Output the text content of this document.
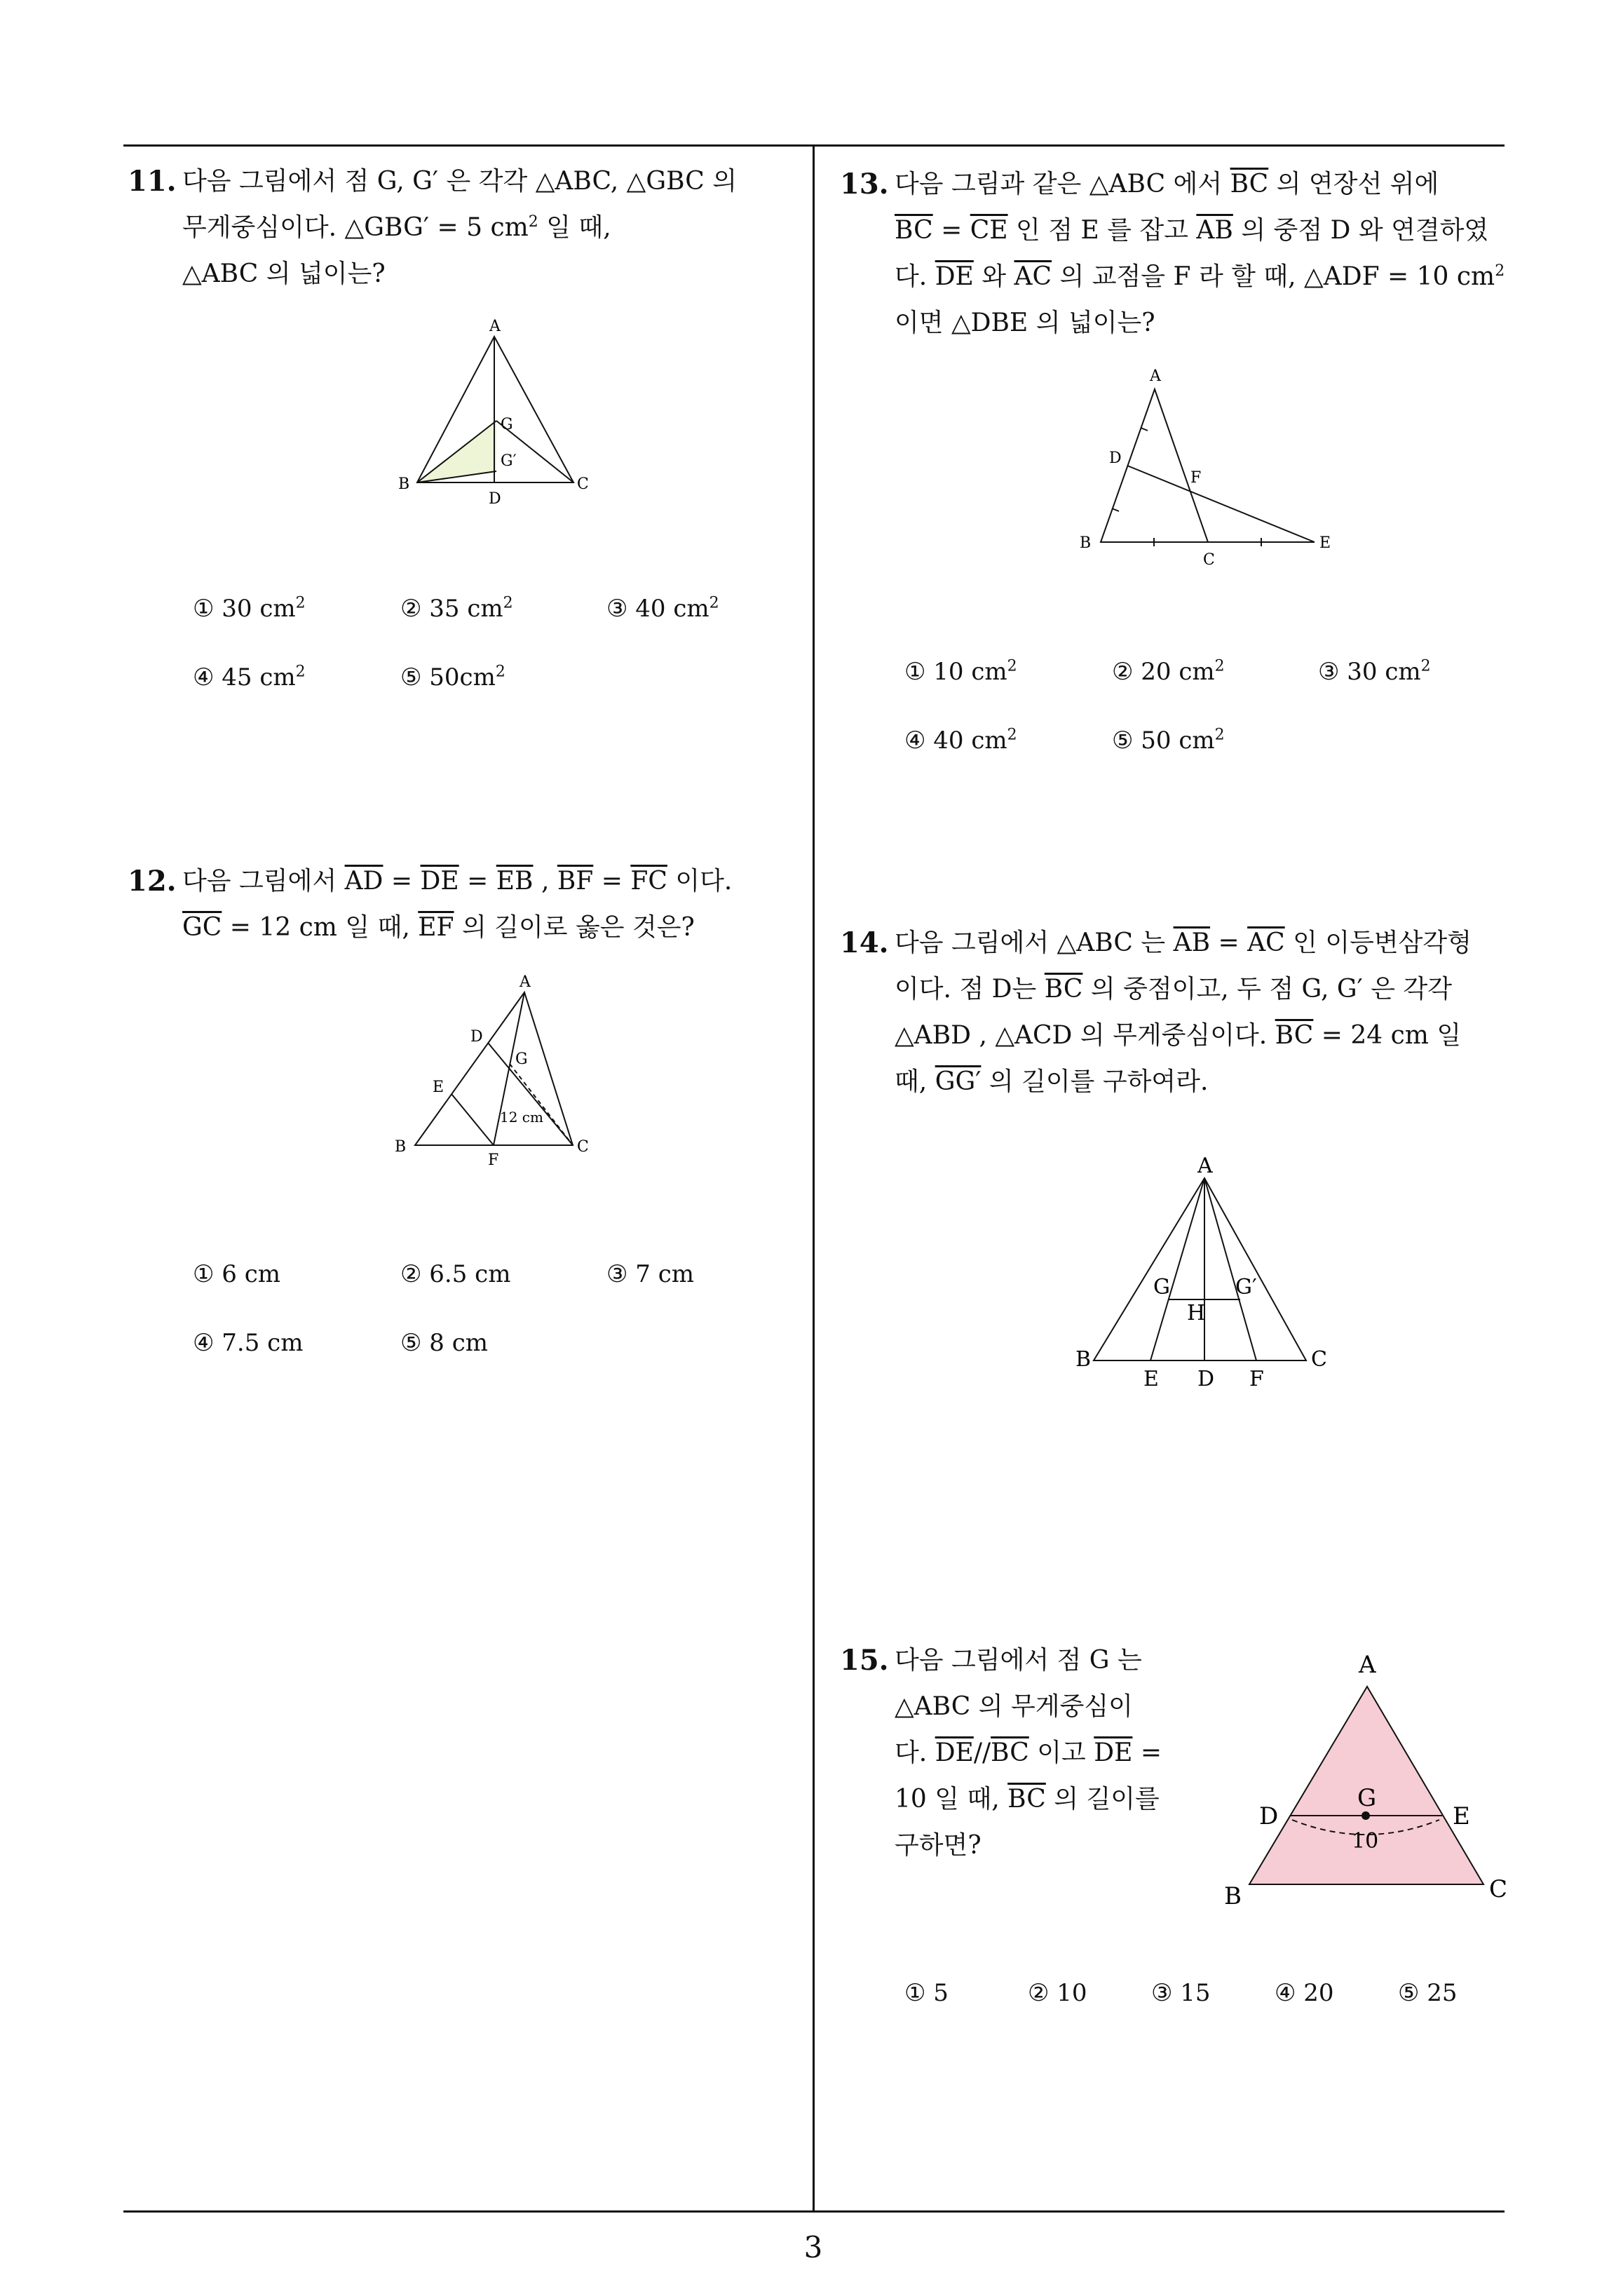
3
11. 다음 그림에서 점 G, G′ 은 각각 △ABC, △GBC 의

무게중심이다. △GBG′ = 5 $cm^2$ 일 때,

△ABC 의 넓이는?

A
B	C
D
G
G′
① 30 $cm^2$	② 35 $cm^2$	③ 40 $cm^2$
④ 45 $cm^2$	⑤ $50cm^2$
12. 다음 그림에서 $\overline{AD} = \overline{DE} = \overline{EB}$ , $\overline{BF} = \overline{FC}$ 이다.

$\overline{GC} = 12$ cm 일 때, $\overline{EF}$ 의 길이로 옳은 것은?

A
B	C
D
E
F
G
12 cm
① 6 cm	② 6.5 cm	③ 7 cm
④ 7.5 cm	⑤ 8 cm
13. 다음 그림과 같은 △ABC 에서 $\overline{BC}$ 의 연장선 위에

$\overline{BC} = \overline{CE}$ 인 점 E 를 잡고 $\overline{AB}$ 의 중점 D 와 연결하였

다. $\overline{DE}$ 와 $\overline{AC}$ 의 교점을 F 라 할 때, △ADF = 10 $cm^2$

이면 △DBE 의 넓이는?

A
B
C
D
E
F
① 10 $cm^2$	② 20 $cm^2$	③ 30 $cm^2$
④ 40 $cm^2$	⑤ 50 $cm^2$
14. 다음 그림에서 △ABC 는 $\overline{AB} = \overline{AC}$ 인 이등변삼각형

이다. 점 D는 $\overline{BC}$ 의 중점이고, 두 점 G, G′ 은 각각

△ABD , △ACD 의 무게중심이다. $\overline{BC} = 24$ cm 일

때, GG′ 의 길이를 구하여라.

A
B	C
E D F
G	G′
H
15. 다음 그림에서 점 G 는

△ABC 의 무게중심이

다. $\overline{DE}//\overline{BC}$ 이고 $\overline{DE}$ =

10 일 때, $\overline{BC}$ 의 길이를

구하면?

A
B	C
D	E
G
10
① 5	② 10	③ 15	④ 20	⑤ 25
